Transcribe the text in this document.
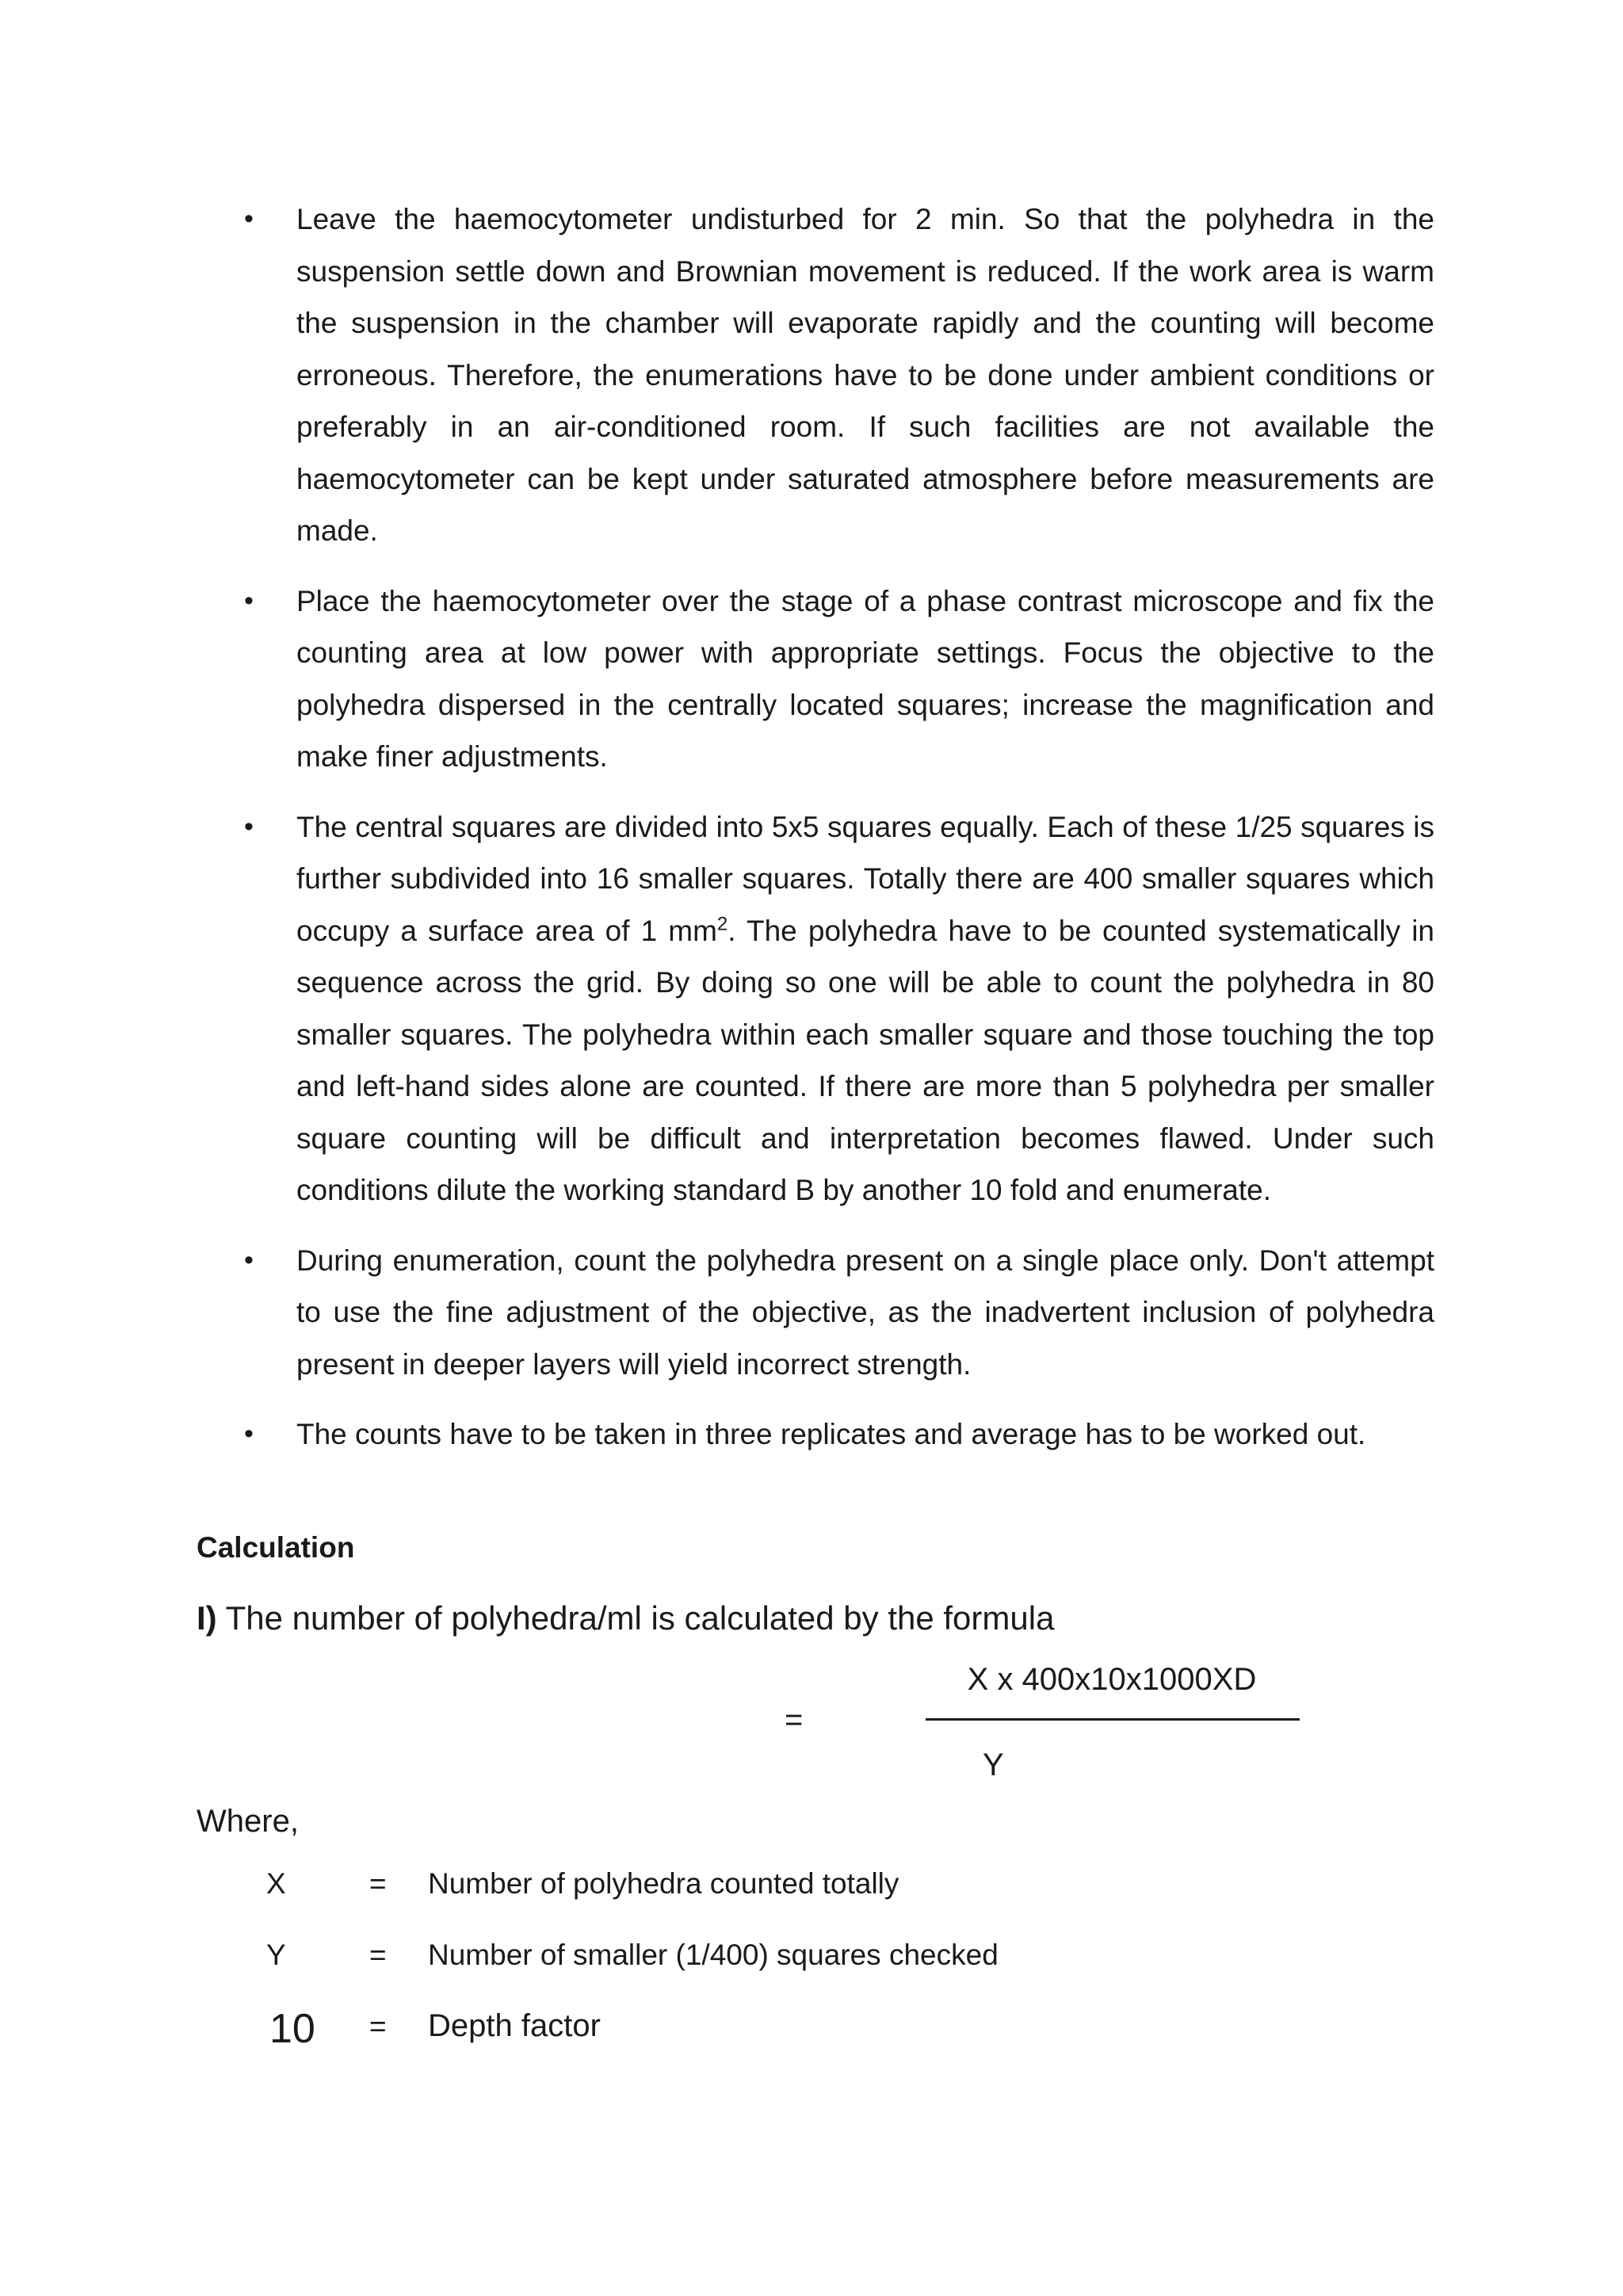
• Leave the haemocytometer undisturbed for 2 min. So that the polyhedra in the suspension settle down and Brownian movement is reduced. If the work area is warm the suspension in the chamber will evaporate rapidly and the counting will become erroneous. Therefore, the enumerations have to be done under ambient conditions or preferably in an air-conditioned room. If such facilities are not available the haemocytometer can be kept under saturated atmosphere before measurements are made.
• Place the haemocytometer over the stage of a phase contrast microscope and fix the counting area at low power with appropriate settings. Focus the objective to the polyhedra dispersed in the centrally located squares; increase the magnification and make finer adjustments.
• The central squares are divided into 5x5 squares equally. Each of these 1/25 squares is further subdivided into 16 smaller squares. Totally there are 400 smaller squares which occupy a surface area of 1 $mm^2$. The polyhedra have to be counted systematically in sequence across the grid. By doing so one will be able to count the polyhedra in 80 smaller squares. The polyhedra within each smaller square and those touching the top and left-hand sides alone are counted. If there are more than 5 polyhedra per smaller square counting will be difficult and interpretation becomes flawed. Under such conditions dilute the working standard B by another 10 fold and enumerate.
• During enumeration, count the polyhedra present on a single place only. Don't attempt to use the fine adjustment of the objective, as the inadvertent inclusion of polyhedra present in deeper layers will yield incorrect strength.
• The counts have to be taken in three replicates and average has to be worked out.

Calculation

I) The number of polyhedra/ml is calculated by the formula

=
X x 400x10x1000XD
Y
Where,
X	= Number of polyhedra counted totally
Y	= Number of smaller (1/400) squares checked
10 = Depth factor
